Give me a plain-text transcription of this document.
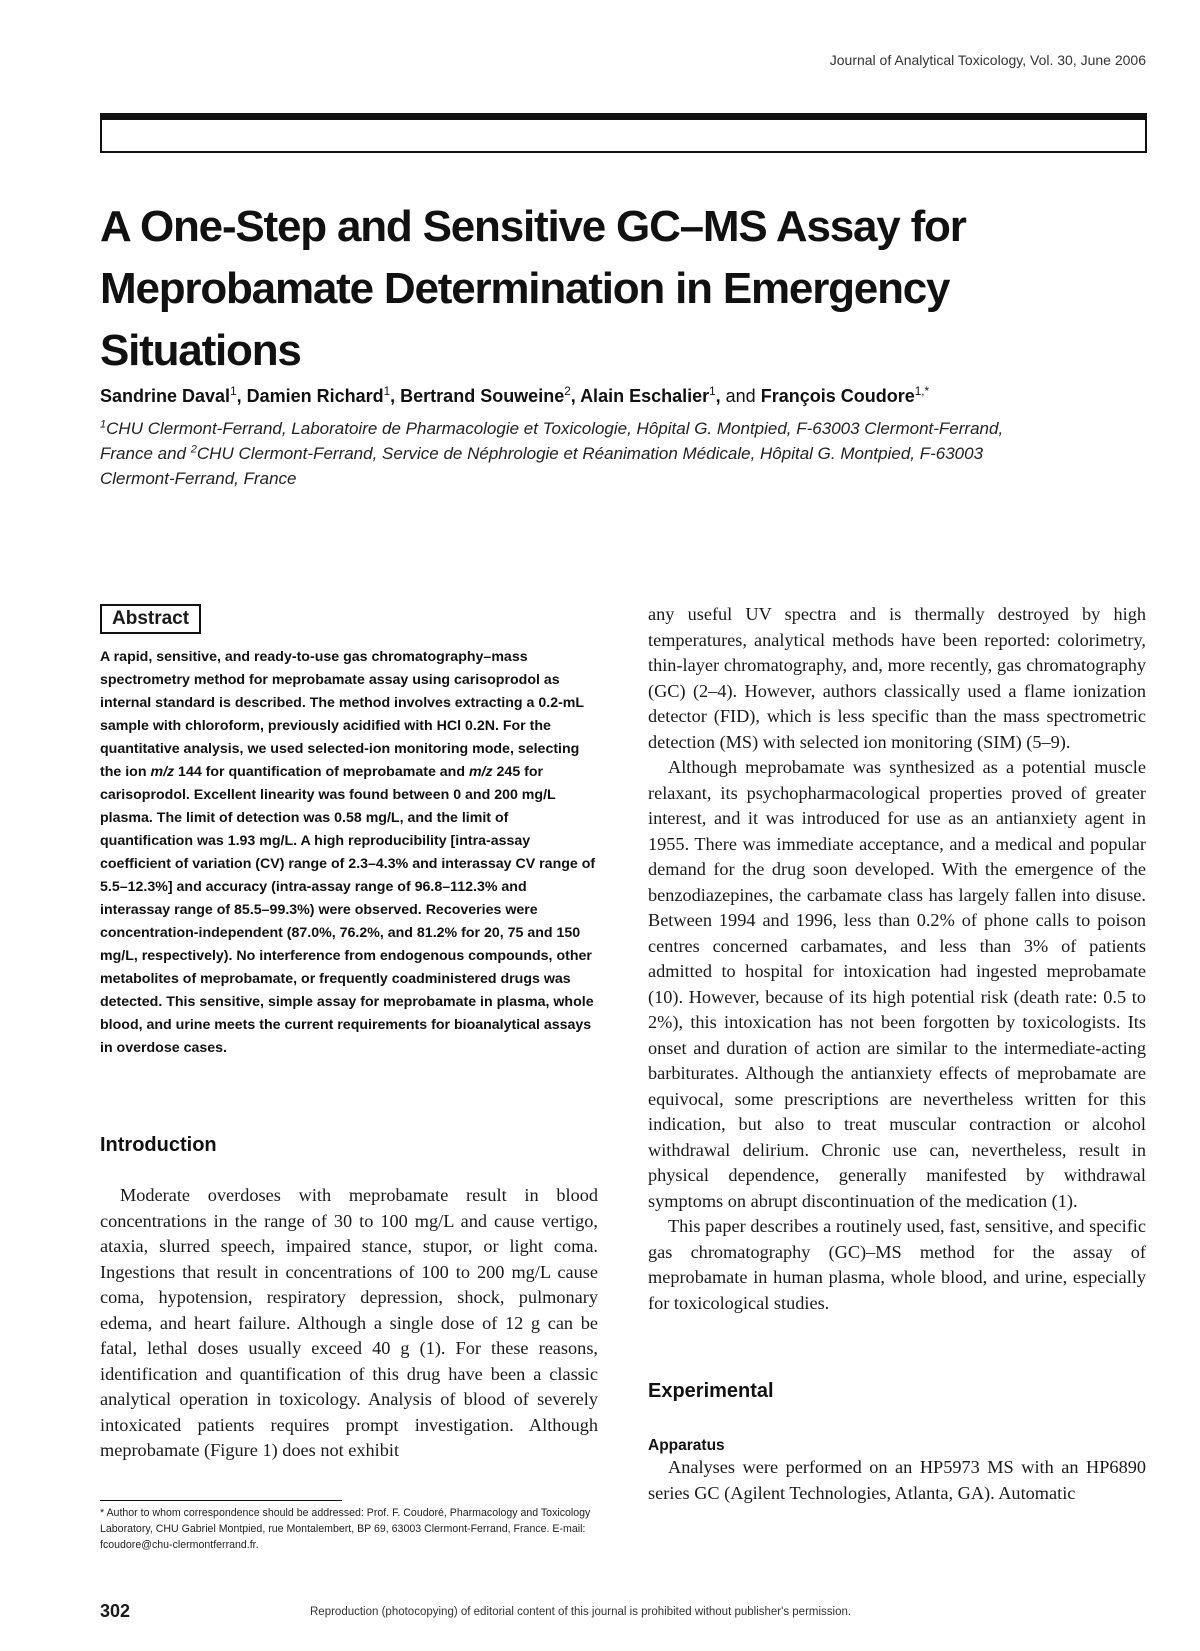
Journal of Analytical Toxicology, Vol. 30, June 2006
A One-Step and Sensitive GC–MS Assay for
Meprobamate Determination in Emergency Situations
Sandrine Daval$^1$, Damien Richard$^1$, Bertrand Souweine$^2$, Alain Eschalier$^1$, and François Coudore$^{1,*}$
$^1$CHU Clermont-Ferrand, Laboratoire de Pharmacologie et Toxicologie, Hôpital G. Montpied, F-63003 Clermont-Ferrand,
France and $^2$CHU Clermont-Ferrand, Service de Néphrologie et Réanimation Médicale, Hôpital G. Montpied, F-63003
Clermont-Ferrand, France
Abstract

A rapid, sensitive, and ready-to-use gas chromatography–mass spectrometry method for meprobamate assay using carisoprodol as internal standard is described. The method involves extracting a 0.2-mL sample with chloroform, previously acidified with HCl 0.2N. For the quantitative analysis, we used selected-ion monitoring mode, selecting the ion m/z 144 for quantification of meprobamate and m/z 245 for carisoprodol. Excellent linearity was found between 0 and 200 mg/L plasma. The limit of detection was 0.58 mg/L, and the limit of quantification was 1.93 mg/L. A high reproducibility [intra-assay coefficient of variation (CV) range of 2.3–4.3% and interassay CV range of 5.5–12.3%] and accuracy (intra-assay range of 96.8–112.3% and interassay range of 85.5–99.3%) were observed. Recoveries were concentration-independent (87.0%, 76.2%, and 81.2% for 20, 75 and 150 mg/L, respectively). No interference from endogenous compounds, other metabolites of meprobamate, or frequently coadministered drugs was detected. This sensitive, simple assay for meprobamate in plasma, whole blood, and urine meets the current requirements for bioanalytical assays in overdose cases.

Introduction

Moderate overdoses with meprobamate result in blood concentrations in the range of 30 to 100 mg/L and cause vertigo, ataxia, slurred speech, impaired stance, stupor, or light coma. Ingestions that result in concentrations of 100 to 200 mg/L cause coma, hypotension, respiratory depression, shock, pulmonary edema, and heart failure. Although a single dose of 12 g can be fatal, lethal doses usually exceed 40 g (1). For these reasons, identification and quantification of this drug have been a classic analytical operation in toxicology. Analysis of blood of severely intoxicated patients requires prompt investigation. Although meprobamate (Figure 1) does not exhibit

any useful UV spectra and is thermally destroyed by high temperatures, analytical methods have been reported: colorimetry, thin-layer chromatography, and, more recently, gas chromatography (GC) (2–4). However, authors classically used a flame ionization detector (FID), which is less specific than the mass spectrometric detection (MS) with selected ion monitoring (SIM) (5–9).

Although meprobamate was synthesized as a potential muscle relaxant, its psychopharmacological properties proved of greater interest, and it was introduced for use as an antianxiety agent in 1955. There was immediate acceptance, and a medical and popular demand for the drug soon developed. With the emergence of the benzodiazepines, the carbamate class has largely fallen into disuse. Between 1994 and 1996, less than 0.2% of phone calls to poison centres concerned carbamates, and less than 3% of patients admitted to hospital for intoxication had ingested meprobamate (10). However, because of its high potential risk (death rate: 0.5 to 2%), this intoxication has not been forgotten by toxicologists. Its onset and duration of action are similar to the intermediate-acting barbiturates. Although the antianxiety effects of meprobamate are equivocal, some prescriptions are nevertheless written for this indication, but also to treat muscular contraction or alcohol withdrawal delirium. Chronic use can, nevertheless, result in physical dependence, generally manifested by withdrawal symptoms on abrupt discontinuation of the medication (1).

This paper describes a routinely used, fast, sensitive, and specific gas chromatography (GC)–MS method for the assay of meprobamate in human plasma, whole blood, and urine, especially for toxicological studies.

Experimental
Apparatus

Analyses were performed on an HP5973 MS with an HP6890 series GC (Agilent Technologies, Atlanta, GA). Automatic

* Author to whom correspondence should be addressed: Prof. F. Coudoré, Pharmacology and Toxicology Laboratory, CHU Gabriel Montpied, rue Montalembert, BP 69, 63003 Clermont-Ferrand, France. E-mail: fcoudore@chu-clermontferrand.fr.
302	Reproduction (photocopying) of editorial content of this journal is prohibited without publisher's permission.
